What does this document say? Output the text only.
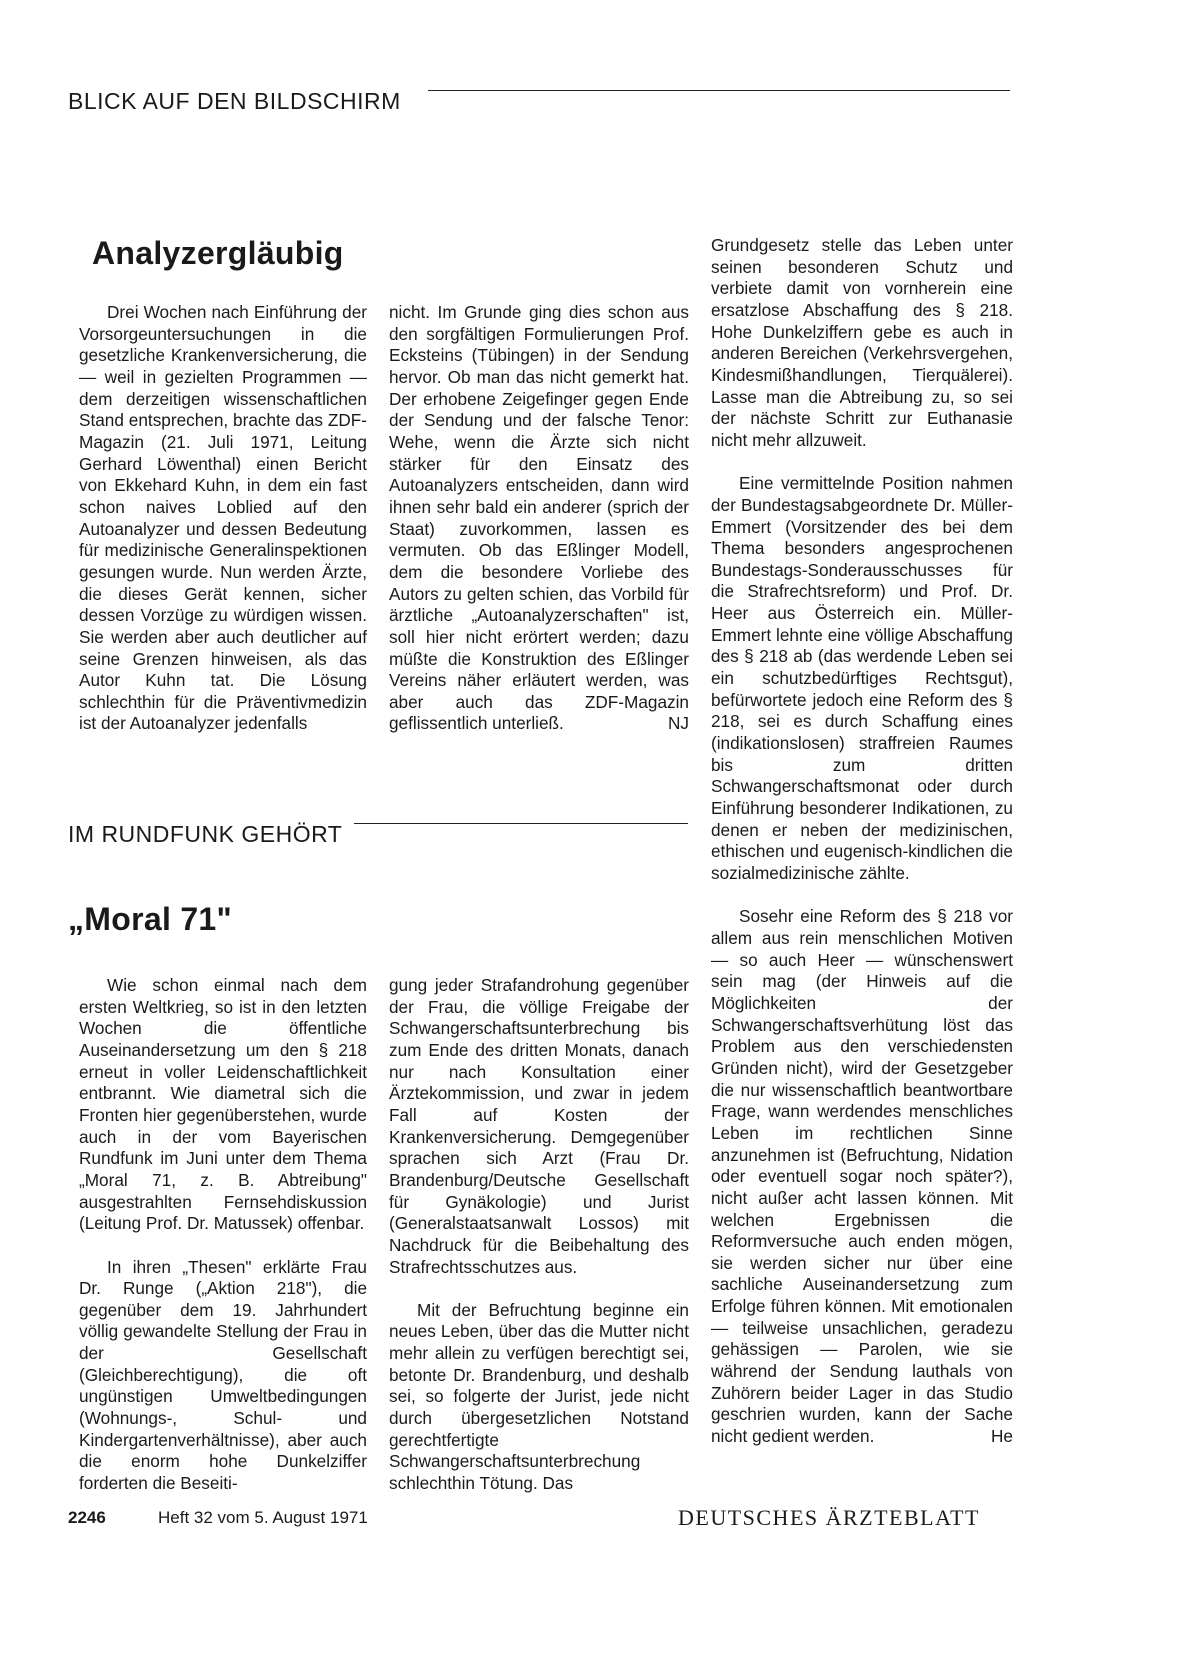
BLICK AUF DEN BILDSCHIRM
Analyzergläubig

Drei Wochen nach Einführung der Vorsorgeuntersuchungen in die gesetzliche Krankenversicherung, die — weil in gezielten Programmen — dem derzeitigen wissenschaftlichen Stand entsprechen, brachte das ZDF-Magazin (21. Juli 1971, Leitung Gerhard Löwenthal) einen Bericht von Ekkehard Kuhn, in dem ein fast schon naives Loblied auf den Autoanalyzer und dessen Bedeutung für medizinische Generalinspektionen gesungen wurde. Nun werden Ärzte, die dieses Gerät kennen, sicher dessen Vorzüge zu würdigen wissen. Sie werden aber auch deutlicher auf seine Grenzen hinweisen, als das Autor Kuhn tat. Die Lösung schlechthin für die Präventivmedizin ist der Autoanalyzer jedenfalls

nicht. Im Grunde ging dies schon aus den sorgfältigen Formulierungen Prof. Ecksteins (Tübingen) in der Sendung hervor. Ob man das nicht gemerkt hat. Der erhobene Zeigefinger gegen Ende der Sendung und der falsche Tenor: Wehe, wenn die Ärzte sich nicht stärker für den Einsatz des Autoanalyzers entscheiden, dann wird ihnen sehr bald ein anderer (sprich der Staat) zuvorkommen, lassen es vermuten. Ob das Eßlinger Modell, dem die besondere Vorliebe des Autors zu gelten schien, das Vorbild für ärztliche „Autoanalyzerschaften" ist, soll hier nicht erörtert werden; dazu müßte die Konstruktion des Eßlinger Vereins näher erläutert werden, was aber auch das ZDF-Magazin geflissentlich unterließ.	NJ

IM RUNDFUNK GEHÖRT
„Moral 71"

Wie schon einmal nach dem ersten Weltkrieg, so ist in den letzten Wochen die öffentliche Auseinandersetzung um den § 218 erneut in voller Leidenschaftlichkeit entbrannt. Wie diametral sich die Fronten hier gegenüberstehen, wurde auch in der vom Bayerischen Rundfunk im Juni unter dem Thema „Moral 71, z. B. Abtreibung" ausgestrahlten Fernsehdiskussion (Leitung Prof. Dr. Matussek) offenbar.

In ihren „Thesen" erklärte Frau Dr. Runge („Aktion 218"), die gegenüber dem 19. Jahrhundert völlig gewandelte Stellung der Frau in der Gesellschaft (Gleichberechtigung), die oft ungünstigen Umweltbedingungen (Wohnungs-, Schul- und Kindergartenverhältnisse), aber auch die enorm hohe Dunkelziffer forderten die Beseiti-

gung jeder Strafandrohung gegenüber der Frau, die völlige Freigabe der Schwangerschaftsunterbrechung bis zum Ende des dritten Monats, danach nur nach Konsultation einer Ärztekommission, und zwar in jedem Fall auf Kosten der Krankenversicherung. Demgegenüber sprachen sich Arzt (Frau Dr. Brandenburg/Deutsche Gesellschaft für Gynäkologie) und Jurist (Generalstaatsanwalt Lossos) mit Nachdruck für die Beibehaltung des Strafrechtsschutzes aus.

Mit der Befruchtung beginne ein neues Leben, über das die Mutter nicht mehr allein zu verfügen berechtigt sei, betonte Dr. Brandenburg, und deshalb sei, so folgerte der Jurist, jede nicht durch übergesetzlichen Notstand gerechtfertigte Schwangerschaftsunterbrechung schlechthin Tötung. Das

Grundgesetz stelle das Leben unter seinen besonderen Schutz und verbiete damit von vornherein eine ersatzlose Abschaffung des § 218. Hohe Dunkelziffern gebe es auch in anderen Bereichen (Verkehrsvergehen, Kindesmißhandlungen, Tierquälerei). Lasse man die Abtreibung zu, so sei der nächste Schritt zur Euthanasie nicht mehr allzuweit.

Eine vermittelnde Position nahmen der Bundestagsabgeordnete Dr. Müller-Emmert (Vorsitzender des bei dem Thema besonders angesprochenen Bundestags-Sonderausschusses für die Strafrechtsreform) und Prof. Dr. Heer aus Österreich ein. Müller-Emmert lehnte eine völlige Abschaffung des § 218 ab (das werdende Leben sei ein schutzbedürftiges Rechtsgut), befürwortete jedoch eine Reform des § 218, sei es durch Schaffung eines (indikationslosen) straffreien Raumes bis zum dritten Schwangerschaftsmonat oder durch Einführung besonderer Indikationen, zu denen er neben der medizinischen, ethischen und eugenisch-kindlichen die sozialmedizinische zählte.

Sosehr eine Reform des § 218 vor allem aus rein menschlichen Motiven — so auch Heer — wünschenswert sein mag (der Hinweis auf die Möglichkeiten der Schwangerschaftsverhütung löst das Problem aus den verschiedensten Gründen nicht), wird der Gesetzgeber die nur wissenschaftlich beantwortbare Frage, wann werdendes menschliches Leben im rechtlichen Sinne anzunehmen ist (Befruchtung, Nidation oder eventuell sogar noch später?), nicht außer acht lassen können. Mit welchen Ergebnissen die Reformversuche auch enden mögen, sie werden sicher nur über eine sachliche Auseinandersetzung zum Erfolge führen können. Mit emotionalen — teilweise unsachlichen, geradezu gehässigen — Parolen, wie sie während der Sendung lauthals von Zuhörern beider Lager in das Studio geschrien wurden, kann der Sache nicht gedient werden.	He

2246	Heft 32 vom 5. August 1971	DEUTSCHES ÄRZTEBLATT
